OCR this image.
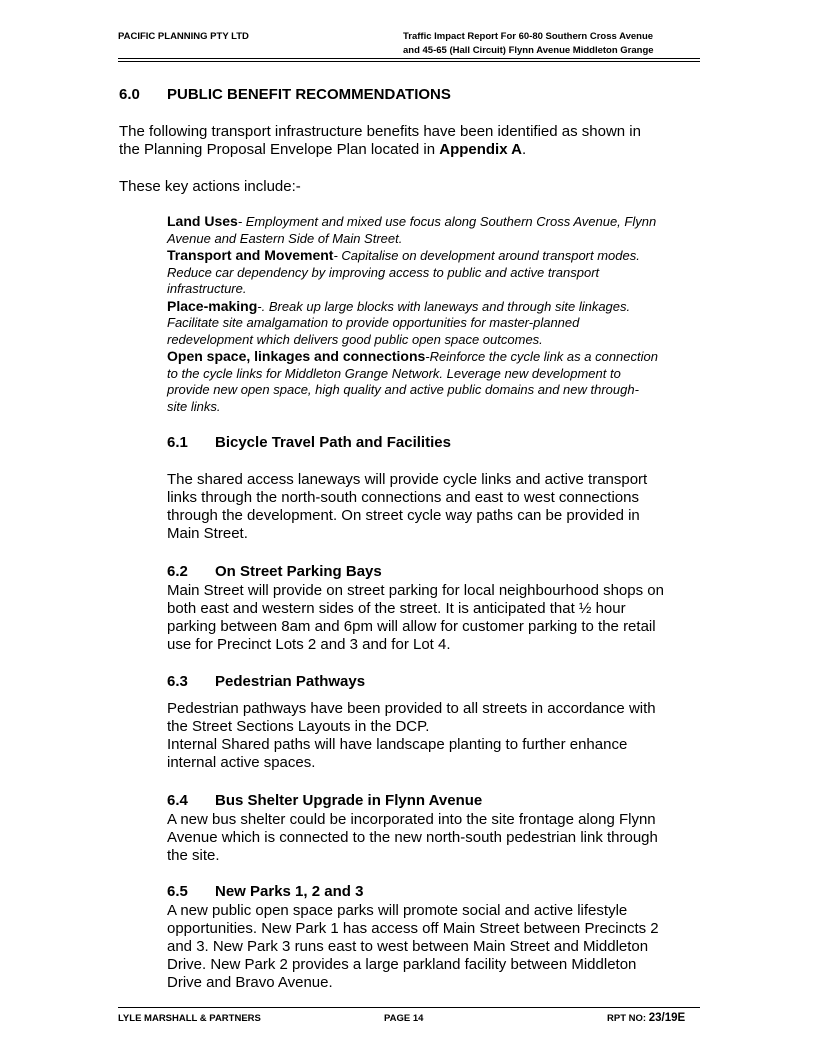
PACIFIC PLANNING PTY LTD	Traffic Impact Report For 60-80 Southern Cross Avenue
and 45-65 (Hall Circuit) Flynn Avenue Middleton Grange
6.0 PUBLIC BENEFIT RECOMMENDATIONS
The following transport infrastructure benefits have been identified as shown in
the Planning Proposal Envelope Plan located in Appendix A.
These key actions include:-
Land Uses- Employment and mixed use focus along Southern Cross Avenue, Flynn
Avenue and Eastern Side of Main Street.
Transport and Movement- Capitalise on development around transport modes.
Reduce car dependency by improving access to public and active transport
infrastructure.
Place-making-. Break up large blocks with laneways and through site linkages.
Facilitate site amalgamation to provide opportunities for master-planned
redevelopment which delivers good public open space outcomes.
Open space, linkages and connections-Reinforce the cycle link as a connection
to the cycle links for Middleton Grange Network. Leverage new development to
provide new open space, high quality and active public domains and new through-
site links.
6.1 Bicycle Travel Path and Facilities
The shared access laneways will provide cycle links and active transport
links through the north-south connections and east to west connections
through the development. On street cycle way paths can be provided in
Main Street.
6.2 On Street Parking Bays
Main Street will provide on street parking for local neighbourhood shops on
both east and western sides of the street. It is anticipated that ½ hour
parking between 8am and 6pm will allow for customer parking to the retail
use for Precinct Lots 2 and 3 and for Lot 4.
6.3 Pedestrian Pathways
Pedestrian pathways have been provided to all streets in accordance with
the Street Sections Layouts in the DCP.
Internal Shared paths will have landscape planting to further enhance
internal active spaces.
6.4 Bus Shelter Upgrade in Flynn Avenue
A new bus shelter could be incorporated into the site frontage along Flynn
Avenue which is connected to the new north-south pedestrian link through
the site.
6.5 New Parks 1, 2 and 3
A new public open space parks will promote social and active lifestyle
opportunities. New Park 1 has access off Main Street between Precincts 2
and 3. New Park 3 runs east to west between Main Street and Middleton
Drive. New Park 2 provides a large parkland facility between Middleton
Drive and Bravo Avenue.
LYLE MARSHALL & PARTNERS	PAGE 14	RPT NO: 23/19E
